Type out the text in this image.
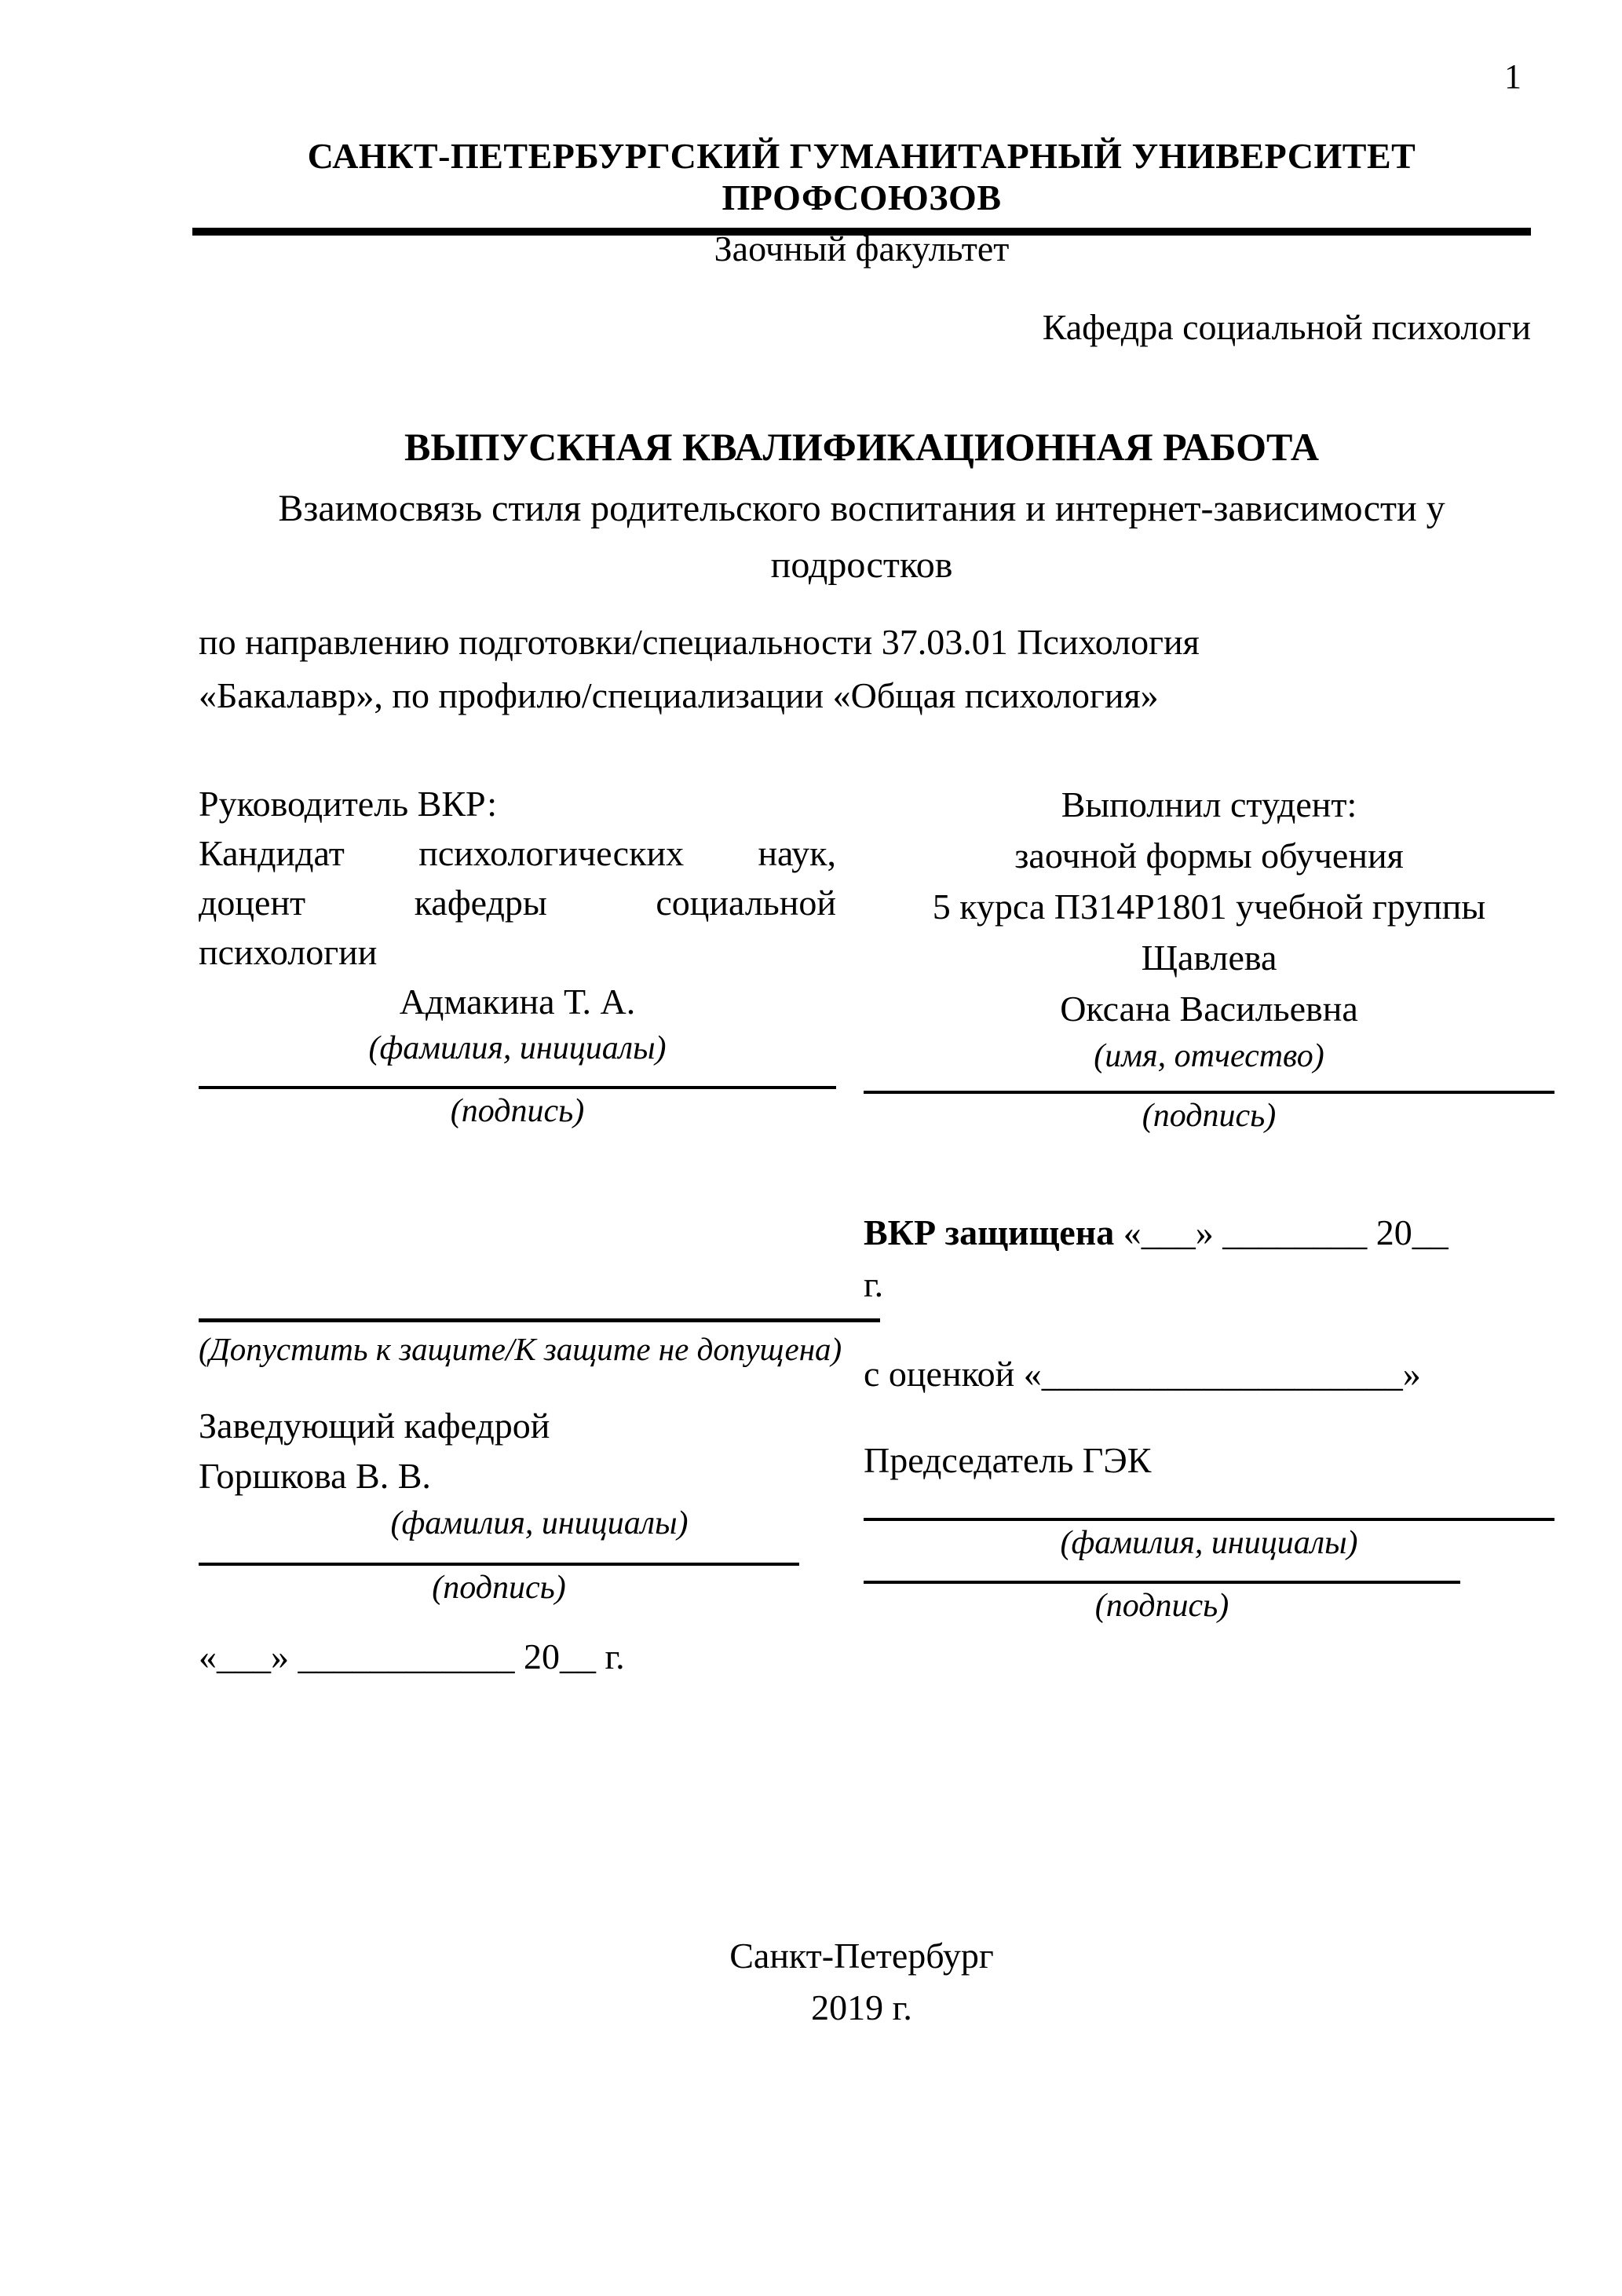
1
САНКТ-ПЕТЕРБУРГСКИЙ ГУМАНИТАРНЫЙ УНИВЕРСИТЕТ ПРОФСОЮЗОВ
Заочный факультет
Кафедра социальной психологи
ВЫПУСКНАЯ КВАЛИФИКАЦИОННАЯ РАБОТА
Взаимосвязь стиля родительского воспитания и интернет-зависимости у
подростков
по направлению подготовки/специальности 37.03.01 Психология
«Бакалавр», по профилю/специализации «Общая психология»
Руководитель ВКР:
Кандидат психологических наук,
доцент	кафедры	социальной
психологии
Адмакина Т. А.
(фамилия, инициалы)
(подпись)
Выполнил студент:
заочной формы обучения
5 курса ПЗ14Р1801 учебной группы
Щавлева
Оксана Васильевна
(имя, отчество)
(подпись)
(Допустить к защите/К защите не допущена)
Заведующий кафедрой
Горшкова В. В.
(фамилия, инициалы)
(подпись)
«___» ____________ 20__ г.
ВКР защищена «___» ________ 20__
г.
с оценкой «____________________»
Председатель ГЭК
(фамилия, инициалы)
(подпись)
Санкт-Петербург
2019 г.
